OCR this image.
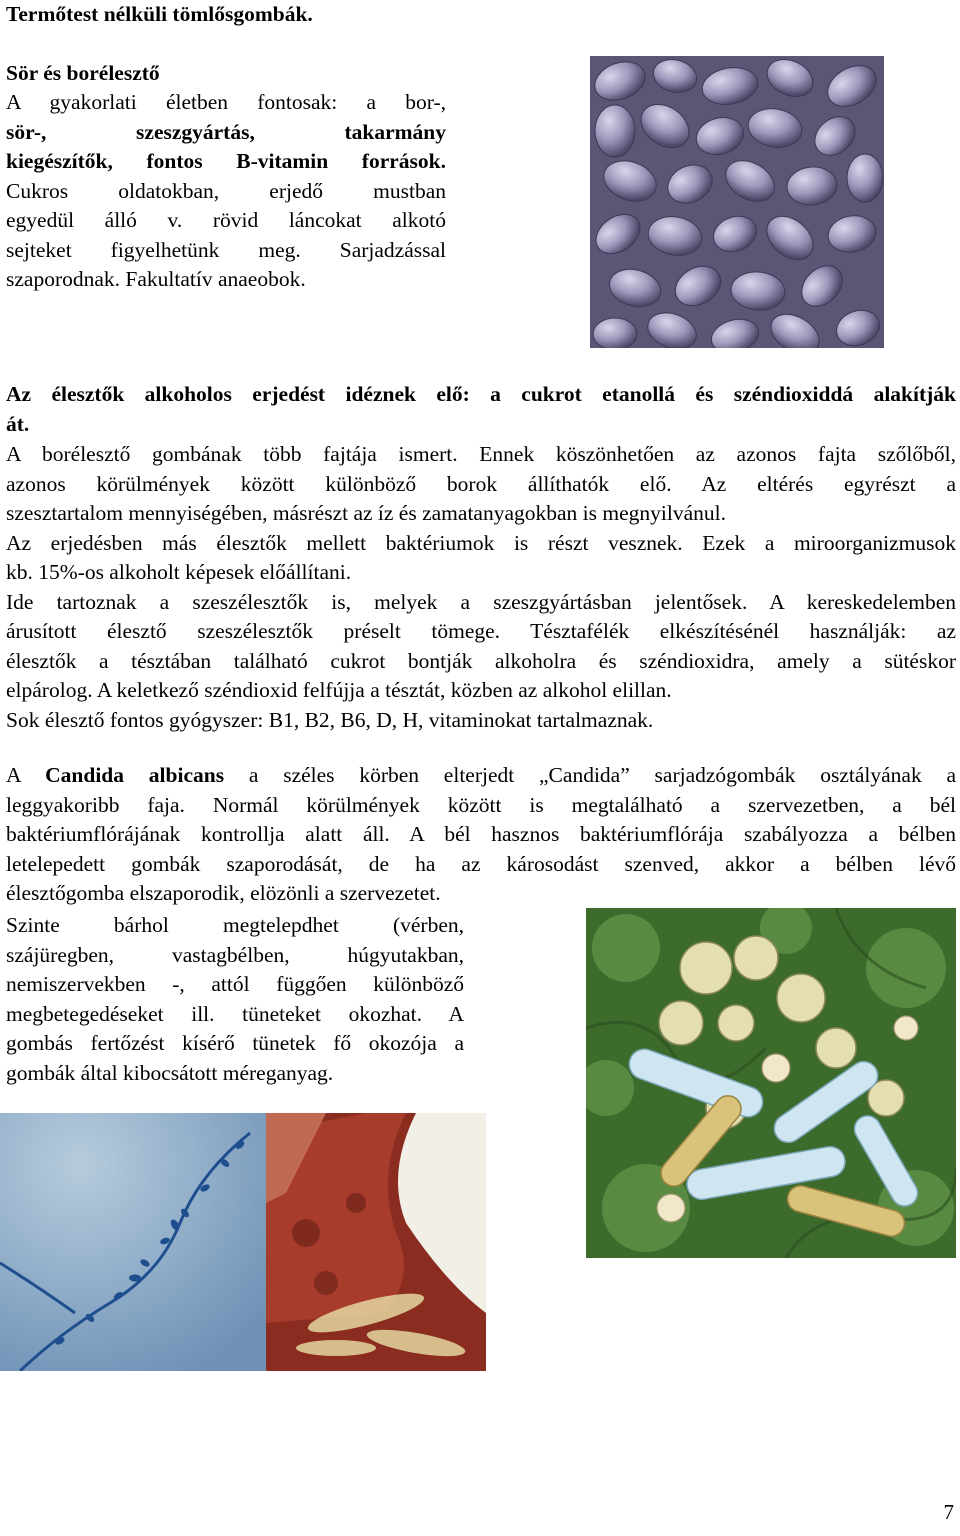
Termőtest nélküli tömlősgombák.
Sör és borélesztő
A gyakorlati életben fontosak: a bor-,
sör-, szeszgyártás, takarmány
kiegészítők, fontos B-vitamin források.
Cukros oldatokban, erjedő mustban
egyedül álló v. rövid láncokat alkotó
sejteket figyelhetünk meg. Sarjadzással
szaporodnak. Fakultatív anaeobok.
Az élesztők alkoholos erjedést idéznek elő: a cukrot etanollá és széndioxiddá alakítják
át.
A borélesztő gombának több fajtája ismert. Ennek köszönhetően az azonos fajta szőlőből,
azonos körülmények között különböző borok állíthatók elő. Az eltérés egyrészt a
szesztartalom mennyiségében, másrészt az íz és zamatanyagokban is megnyilvánul.
Az erjedésben más élesztők mellett baktériumok is részt vesznek. Ezek a miroorganizmusok
kb. 15%-os alkoholt képesek előállítani.
Ide tartoznak a szeszélesztők is, melyek a szeszgyártásban jelentősek. A kereskedelemben
árusított élesztő szeszélesztők préselt tömege. Tésztafélék elkészítésénél használják: az
élesztők a tésztában található cukrot bontják alkoholra és széndioxidra, amely a sütéskor
elpárolog. A keletkező széndioxid felfújja a tésztát, közben az alkohol elillan.
Sok élesztő fontos gyógyszer: B1, B2, B6, D, H, vitaminokat tartalmaznak.
A Candida albicans a széles körben elterjedt „Candida” sarjadzógombák osztályának a
leggyakoribb faja. Normál körülmények között is megtalálható a szervezetben, a bél
baktériumflórájának kontrollja alatt áll. A bél hasznos baktériumflórája szabályozza a bélben
letelepedett gombák szaporodását, de ha az károsodást szenved, akkor a bélben lévő
élesztőgomba elszaporodik, elözönli a szervezetet.
Szinte bárhol megtelepdhet (vérben,
szájüregben, vastagbélben, húgyutakban,
nemiszervekben -, attól függően különböző
megbetegedéseket ill. tüneteket okozhat. A
gombás fertőzést kísérő tünetek fő okozója a
gombák által kibocsátott méreganyag.
7
